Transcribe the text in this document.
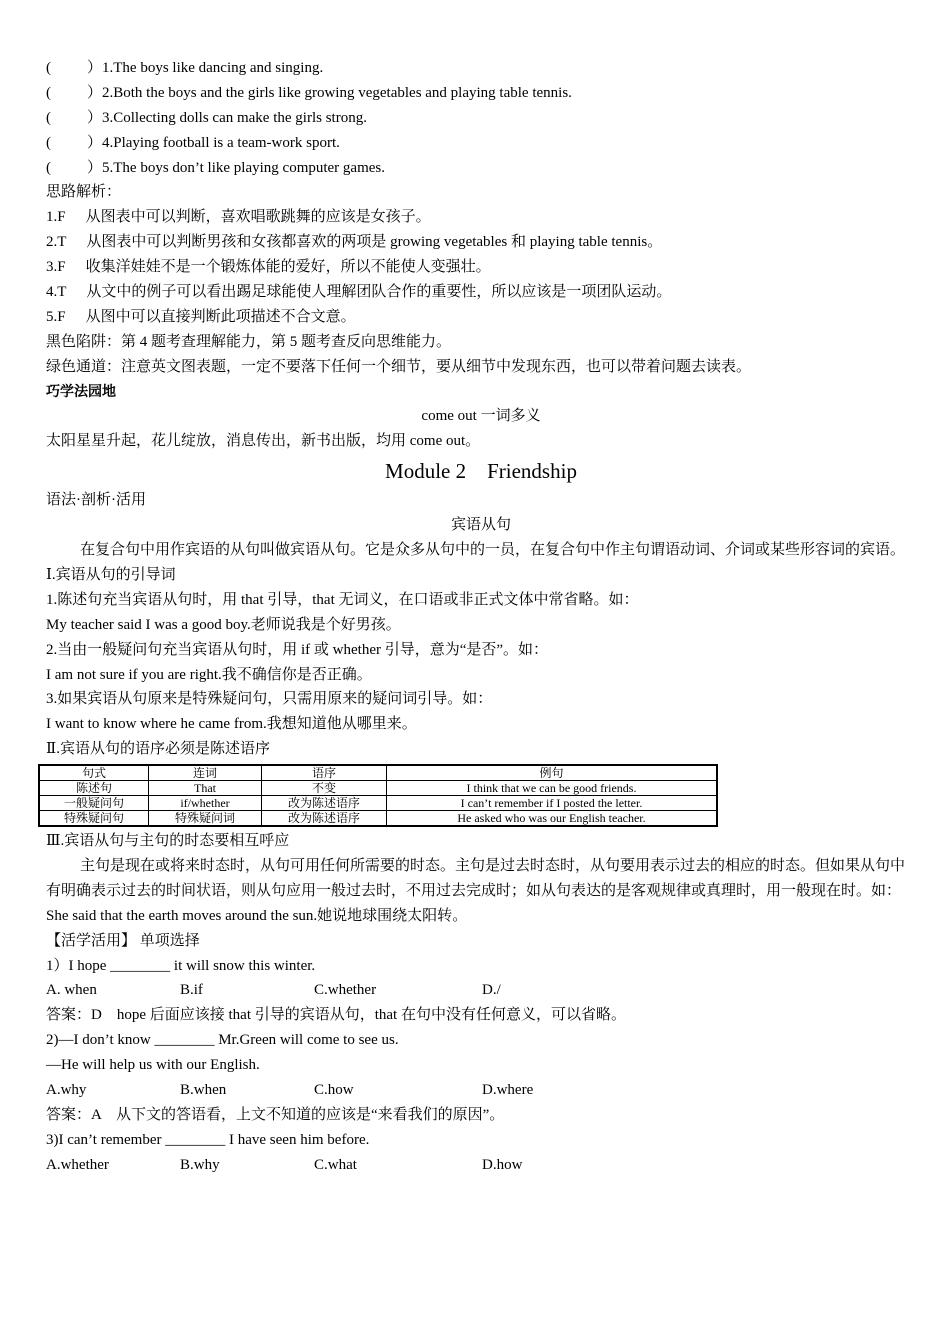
( ）1.The boys like dancing and singing.
( ）2.Both the boys and the girls like growing vegetables and playing table tennis.
( ）3.Collecting dolls can make the girls strong.
( ）4.Playing football is a team-work sport.
( ）5.The boys don’t like playing computer games.
思路解析：
1.F 从图表中可以判断，喜欢唱歌跳舞的应该是女孩子。
2.T 从图表中可以判断男孩和女孩都喜欢的两项是 growing vegetables 和 playing table tennis。
3.F 收集洋娃娃不是一个锻炼体能的爱好，所以不能使人变强壮。
4.T 从文中的例子可以看出踢足球能使人理解团队合作的重要性，所以应该是一项团队运动。
5.F 从图中可以直接判断此项描述不合文意。
黑色陷阱：第 4 题考查理解能力，第 5 题考查反向思维能力。
绿色通道：注意英文图表题，一定不要落下任何一个细节，要从细节中发现东西，也可以带着问题去读表。
巧学法园地
come out 一词多义
太阳星星升起，花儿绽放，消息传出，新书出版，均用 come out。
Module 2    Friendship
语法·剖析·活用
宾语从句
在复合句中用作宾语的从句叫做宾语从句。它是众多从句中的一员，在复合句中作主句谓语动词、介词或某些形容词的宾语。
Ⅰ.宾语从句的引导词
1.陈述句充当宾语从句时，用 that 引导，that 无词义，在口语或非正式文体中常省略。如：
My teacher said I was a good boy.老师说我是个好男孩。
2.当由一般疑问句充当宾语从句时，用 if 或 whether 引导，意为“是否”。如：
I am not sure if you are right.我不确信你是否正确。
3.如果宾语从句原来是特殊疑问句，只需用原来的疑问词引导。如：
I want to know where he came from.我想知道他从哪里来。
Ⅱ.宾语从句的语序必须是陈述语序
句式	连词	语序	例句
陈述句	That	不变	I think that we can be good friends.
一般疑问句	if/whether	改为陈述语序	I can’t remember if I posted the letter.
特殊疑问句	特殊疑问词	改为陈述语序	He asked who was our English teacher.
Ⅲ.宾语从句与主句的时态要相互呼应
主句是现在或将来时态时，从句可用任何所需要的时态。主句是过去时态时，从句要用表示过去的相应的时态。但如果从句中有明确表示过去的时间状语，则从句应用一般过去时，不用过去完成时；如从句表达的是客观规律或真理时，用一般现在时。如：
She said that the earth moves around the sun.她说地球围绕太阳转。
【活学活用】 单项选择
1）I hope ________ it will snow this winter.
A. when	B.if	C.whether	D./
答案：D　hope 后面应该接 that 引导的宾语从句，that 在句中没有任何意义，可以省略。
2)—I don’t know ________ Mr.Green will come to see us.
—He will help us with our English.
A.why	B.when	C.how	D.where
答案：A　从下文的答语看，上文不知道的应该是“来看我们的原因”。
3)I can’t remember ________ I have seen him before.
A.whether	B.why	C.what	D.how
